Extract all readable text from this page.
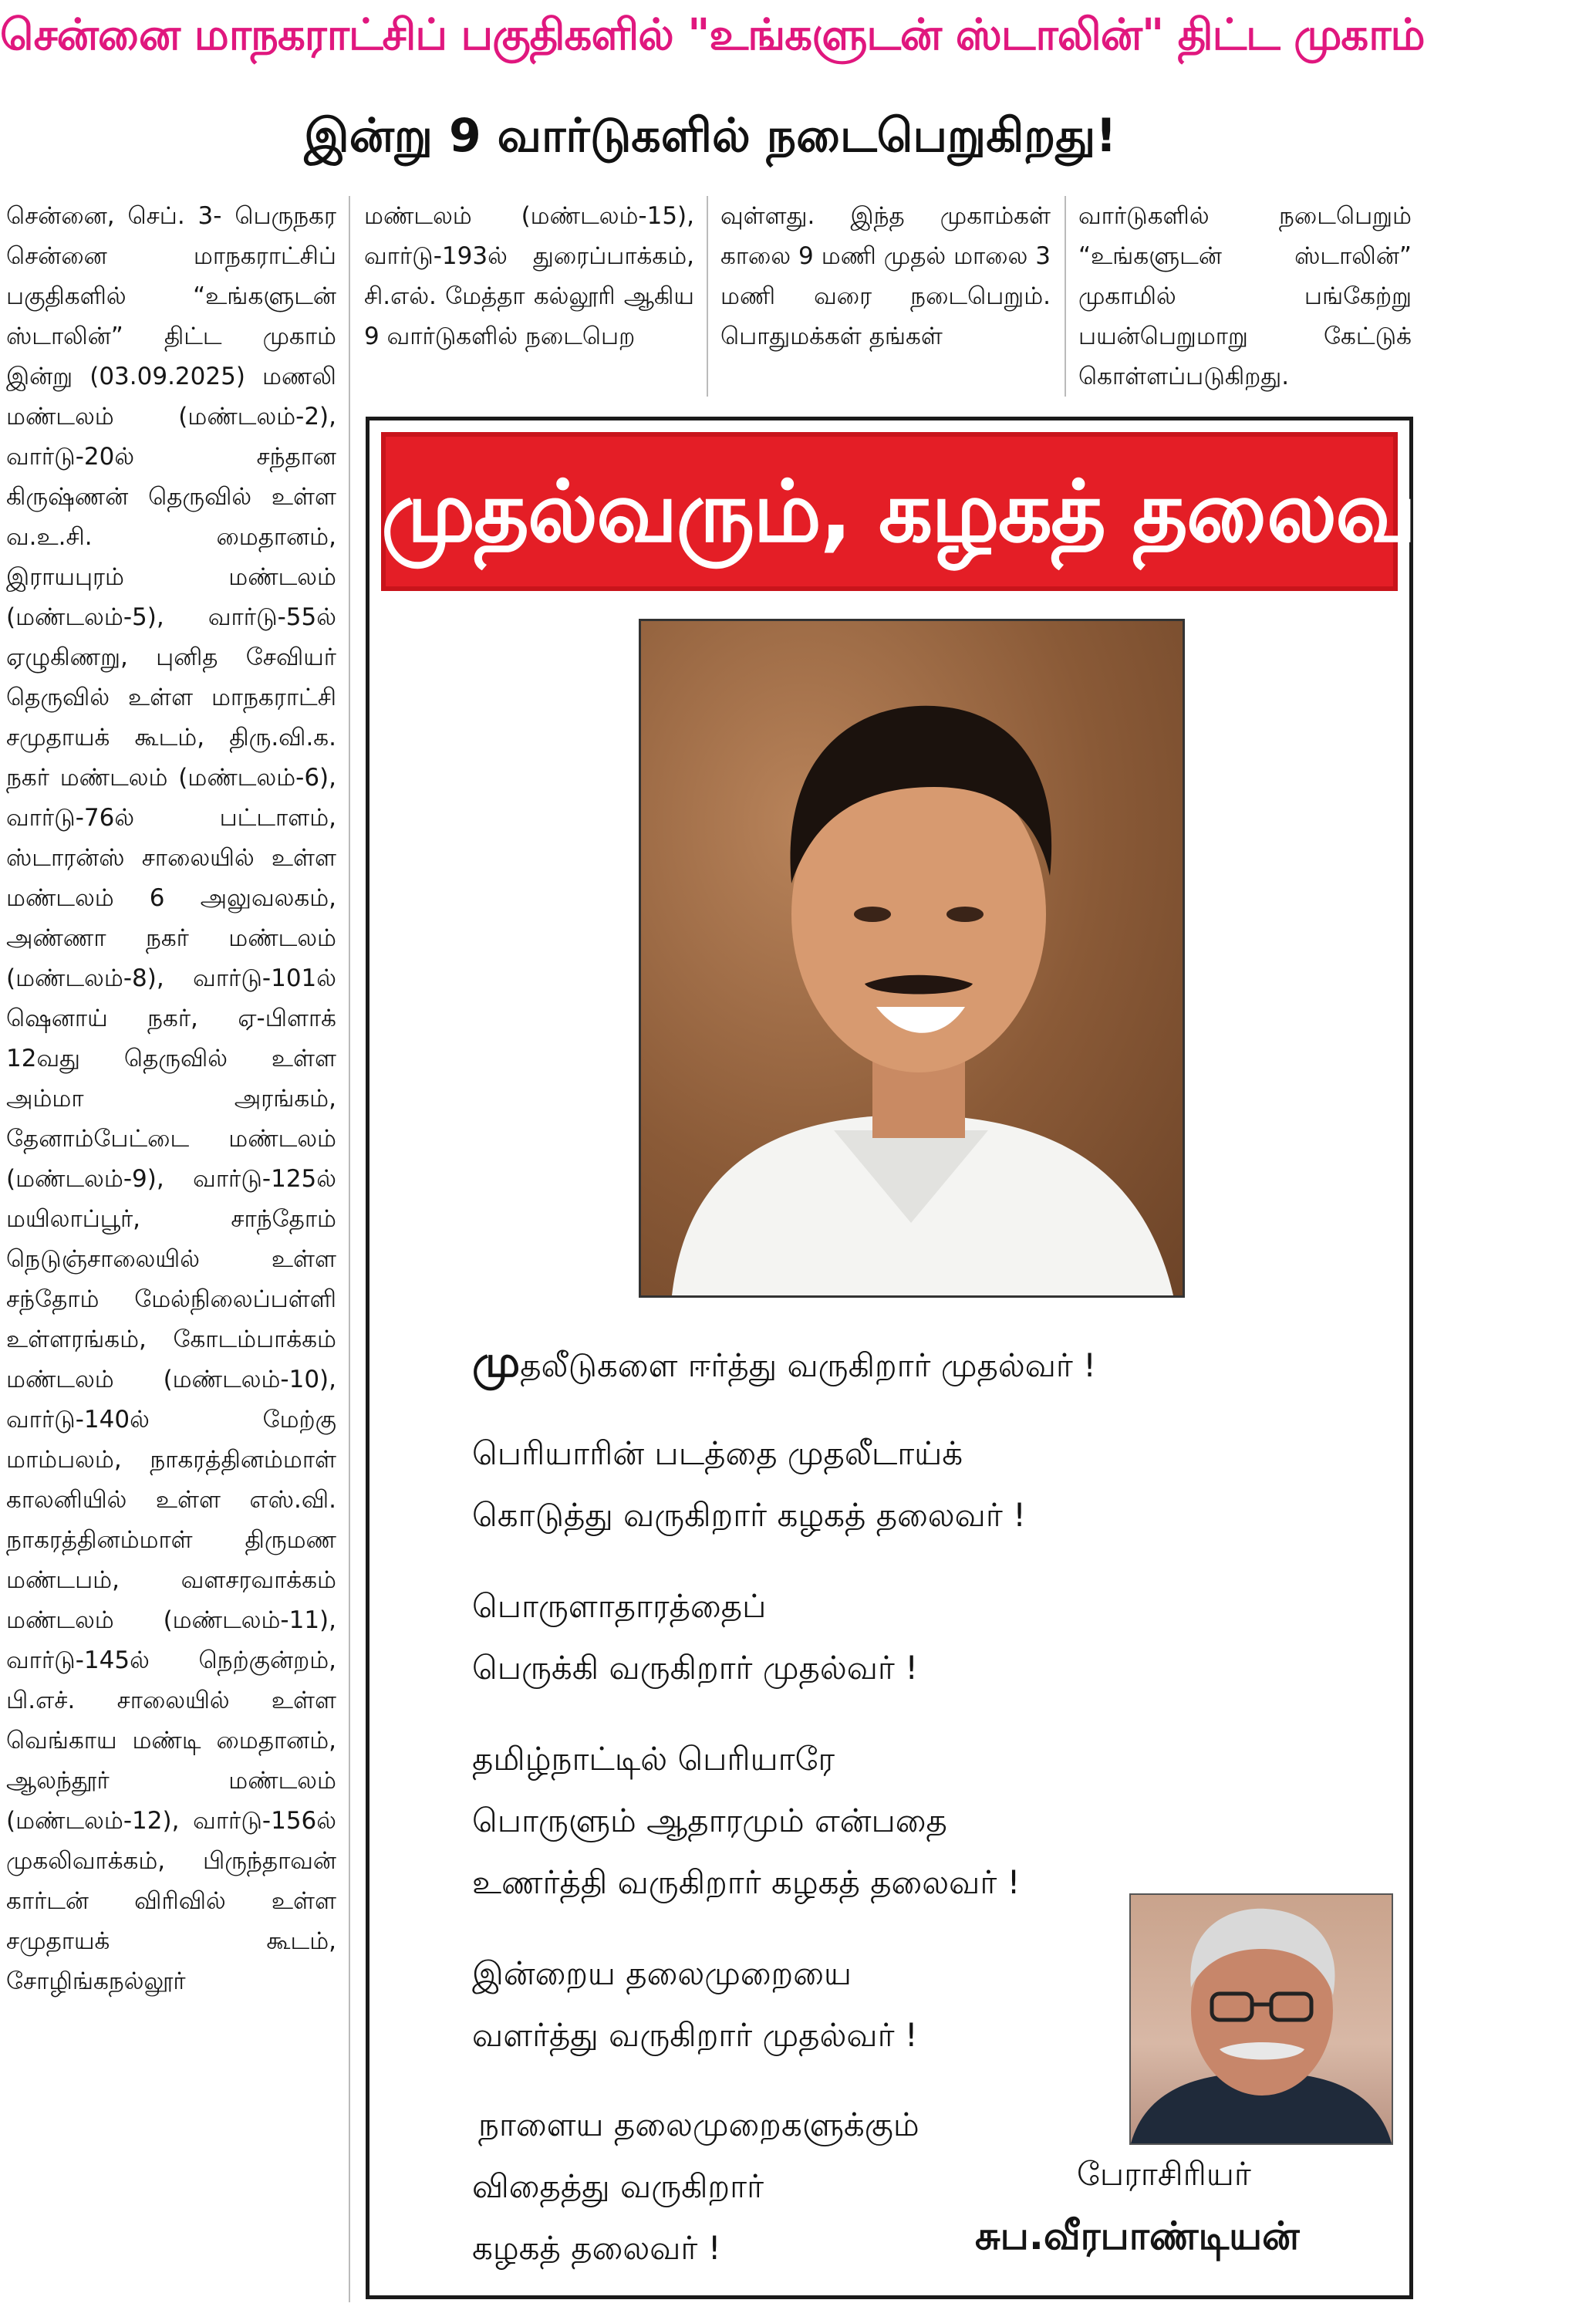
சென்னை மாநகராட்சிப் பகுதிகளில் "உங்களுடன் ஸ்டாலின்" திட்ட முகாம்
இன்று 9 வார்டுகளில் நடைபெறுகிறது!

சென்னை, செப். 3- பெருநகர சென்னை மாநகராட்சிப் பகுதிகளில் “உங்களுடன் ஸ்டாலின்” திட்ட முகாம் இன்று (03.09.2025) மணலி மண்டலம் (மண்டலம்-2), வார்டு-20ல் சந்தான கிருஷ்ணன் தெருவில் உள்ள வ.உ.சி. மைதானம், இராயபுரம் மண்டலம் (மண்டலம்-5), வார்டு-55ல் ஏழுகிணறு, புனித சேவியர் தெருவில் உள்ள மாநகராட்சி சமுதாயக் கூடம், திரு.வி.க. நகர் மண்டலம் (மண்டலம்-6), வார்டு-76ல் பட்டாளம், ஸ்டாரன்ஸ் சாலையில் உள்ள மண்டலம் 6 அலுவலகம், அண்ணா நகர் மண்டலம் (மண்டலம்-8), வார்டு-101ல் ஷெனாய் நகர், ஏ-பிளாக் 12வது தெருவில் உள்ள அம்மா அரங்கம், தேனாம்பேட்டை மண்டலம் (மண்டலம்-9), வார்டு-125ல் மயிலாப்பூர், சாந்தோம் நெடுஞ்சாலையில் உள்ள சந்தோம் மேல்நிலைப்பள்ளி உள்ளரங்கம், கோடம்பாக்கம் மண்டலம் (மண்டலம்-10), வார்டு-140ல் மேற்கு மாம்பலம், நாகரத்தினம்மாள் காலனியில் உள்ள எஸ்.வி. நாகரத்தினம்மாள் திருமண மண்டபம், வளசரவாக்கம் மண்டலம் (மண்டலம்-11), வார்டு-145ல் நெற்குன்றம், பி.எச். சாலையில் உள்ள வெங்காய மண்டி மைதானம், ஆலந்தூர் மண்டலம் (மண்டலம்-12), வார்டு-156ல் முகலிவாக்கம், பிருந்தாவன் கார்டன் விரிவில் உள்ள சமுதாயக் கூடம், சோழிங்கநல்லூர்

மண்டலம் (மண்டலம்-15), வார்டு-193ல் துரைப்பாக்கம், சி.எல். மேத்தா கல்லூரி ஆகிய 9 வார்டுகளில் நடைபெற

வுள்ளது. இந்த முகாம்கள் காலை 9 மணி முதல் மாலை 3 மணி வரை நடைபெறும். பொதுமக்கள் தங்கள்

வார்டுகளில் நடைபெறும் “உங்களுடன் ஸ்டாலின்” முகாமில் பங்கேற்று பயன்பெறுமாறு கேட்டுக் கொள்ளப்படுகிறது.

முதல்வரும், கழகத் தலைவரும்!
முதலீடுகளை ஈர்த்து வருகிறார் முதல்வர் !
பெரியாரின் படத்தை முதலீடாய்க்
கொடுத்து வருகிறார் கழகத் தலைவர் !
பொருளாதாரத்தைப்
பெருக்கி வருகிறார் முதல்வர் !
தமிழ்நாட்டில் பெரியாரே
பொருளும் ஆதாரமும் என்பதை
உணர்த்தி வருகிறார் கழகத் தலைவர் !
இன்றைய தலைமுறையை
வளர்த்து வருகிறார் முதல்வர் !
நாளைய தலைமுறைகளுக்கும்
விதைத்து வருகிறார்
கழகத் தலைவர் !
பேராசிரியர்
சுப.வீரபாண்டியன்
